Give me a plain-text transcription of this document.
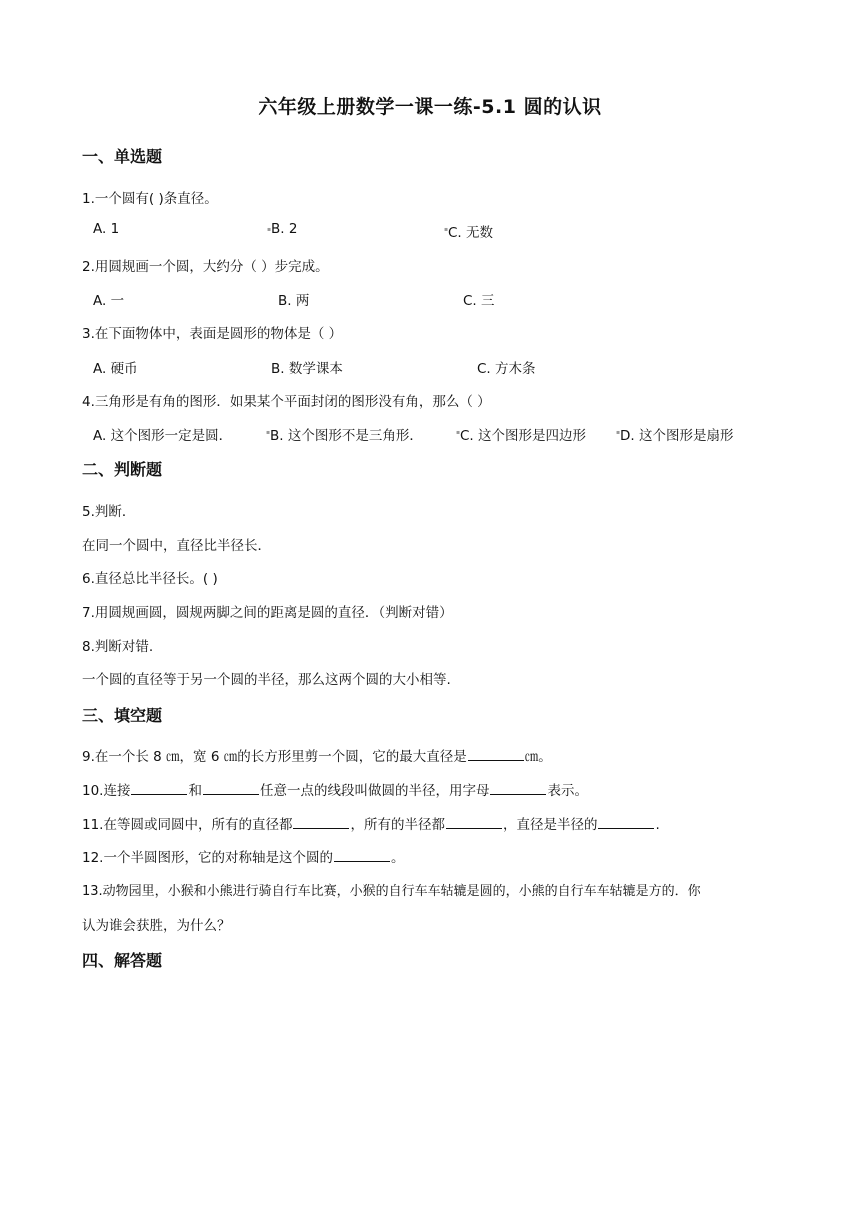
六年级上册数学一课一练-5.1 圆的认识
一、单选题
1.一个圆有( )条直径。
A. 1	▪ B. 2	▪ C. 无数
2.用圆规画一个圆，大约分（ ）步完成。
A. 一	B. 两	C. 三
3.在下面物体中，表面是圆形的物体是（ ）
A. 硬币	B. 数学课本	C. 方木条
4.三角形是有角的图形．如果某个平面封闭的图形没有角，那么（ ）
A. 这个图形一定是圆．	▪ B. 这个图形不是三角形．	▪ C. 这个图形是四边形	▪ D. 这个图形是扇形
二、判断题
5.判断．
在同一个圆中，直径比半径长．
6.直径总比半径长。( )
7.用圆规画圆，圆规两脚之间的距离是圆的直径．（判断对错）
8.判断对错.
一个圆的直径等于另一个圆的半径，那么这两个圆的大小相等.
三、填空题
9.在一个长 8 ㎝，宽 6 ㎝的长方形里剪一个圆，它的最大直径是	㎝。
10.连接	和	任意一点的线段叫做圆的半径，用字母	表示。
11.在等圆或同圆中，所有的直径都	，所有的半径都	，直径是半径的	.
12.一个半圆图形，它的对称轴是这个圆的	。
13.动物园里，小猴和小熊进行骑自行车比赛，小猴的自行车车轱辘是圆的，小熊的自行车车轱辘是方的．你
认为谁会获胜，为什么？
四、解答题
